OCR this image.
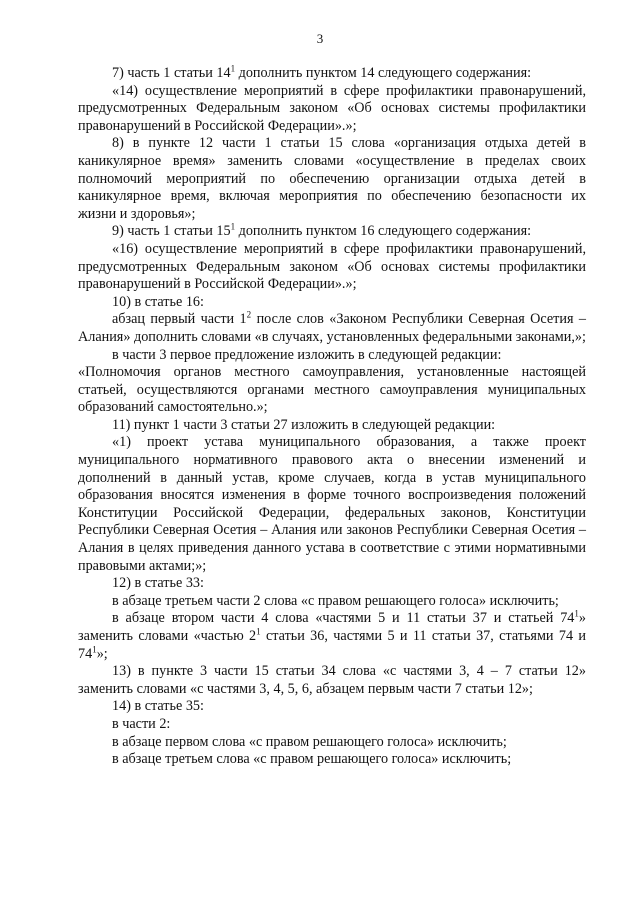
3

7) часть 1 статьи $14^1$ дополнить пунктом 14 следующего содержания:

«14) осуществление мероприятий в сфере профилактики правонарушений, предусмотренных Федеральным законом «Об основах системы профилактики правонарушений в Российской Федерации».»;

8) в пункте 12 части 1 статьи 15 слова «организация отдыха детей в каникулярное время» заменить словами «осуществление в пределах своих полномочий мероприятий по обеспечению организации отдыха детей в каникулярное время, включая мероприятия по обеспечению безопасности их жизни и здоровья»;

9) часть 1 статьи $15^1$ дополнить пунктом 16 следующего содержания:

«16) осуществление мероприятий в сфере профилактики правонарушений, предусмотренных Федеральным законом «Об основах системы профилактики правонарушений в Российской Федерации».»;

10) в статье 16:

абзац первый части $1^2$ после слов «Законом Республики Северная Осетия – Алания» дополнить словами «в случаях, установленных федеральными законами,»;

в части 3 первое предложение изложить в следующей редакции:

«Полномочия органов местного самоуправления, установленные настоящей статьей, осуществляются органами местного самоуправления муниципальных образований самостоятельно.»;

11) пункт 1 части 3 статьи 27 изложить в следующей редакции:

«1) проект устава муниципального образования, а также проект муниципального нормативного правового акта о внесении изменений и дополнений в данный устав, кроме случаев, когда в устав муниципального образования вносятся изменения в форме точного воспроизведения положений Конституции Российской Федерации, федеральных законов, Конституции Республики Северная Осетия – Алания или законов Республики Северная Осетия – Алания в целях приведения данного устава в соответствие с этими нормативными правовыми актами;»;

12) в статье 33:

в абзаце третьем части 2 слова «с правом решающего голоса» исключить;

в абзаце втором части 4 слова «частями 5 и 11 статьи 37 и статьей $74^1$» заменить словами «частью $2^1$ статьи 36, частями 5 и 11 статьи 37, статьями 74 и $74^1$»;

13) в пункте 3 части 15 статьи 34 слова «с частями 3, 4 – 7 статьи 12» заменить словами «с частями 3, 4, 5, 6, абзацем первым части 7 статьи 12»;

14) в статье 35:

в части 2:

в абзаце первом слова «с правом решающего голоса» исключить;

в абзаце третьем слова «с правом решающего голоса» исключить;
